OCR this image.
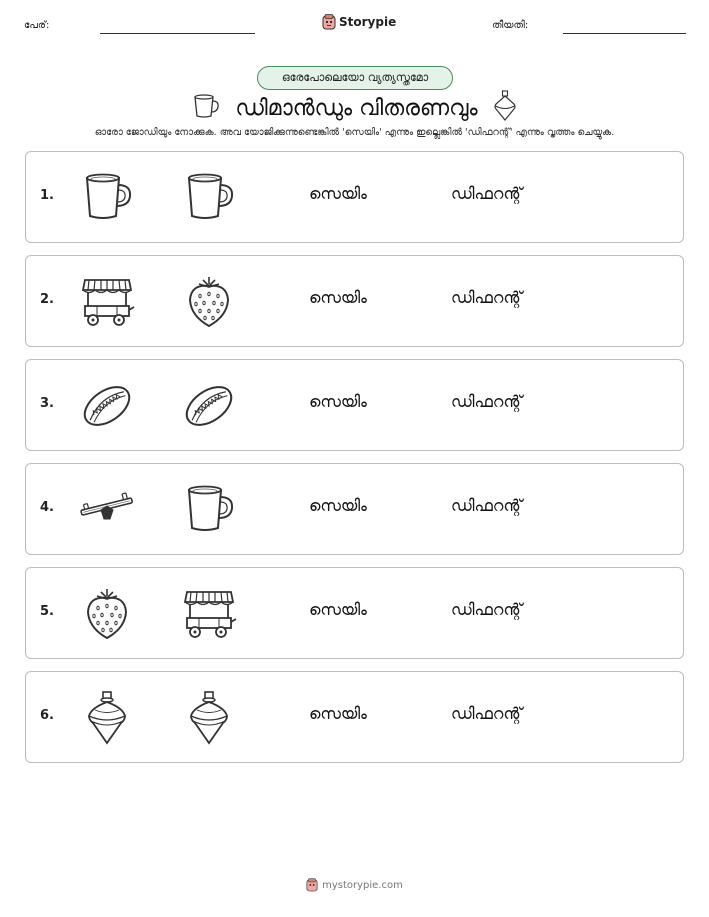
പേര്:	Storypie	തീയതി:
ഒരേപോലെയോ വ്യത്യസ്തമോ
ഡിമാൻഡും വിതരണവും
ഓരോ ജോഡിയും നോക്കുക. അവ യോജിക്കുന്നുണ്ടെങ്കിൽ 'സെയിം' എന്നും ഇല്ലെങ്കിൽ 'ഡിഫറന്റ്' എന്നും വൃത്തം ചെയ്യുക.
1.	സെയിം	ഡിഫറന്റ്
2.	സെയിം	ഡിഫറന്റ്
3.	സെയിം	ഡിഫറന്റ്
4.	സെയിം	ഡിഫറന്റ്
5.	സെയിം	ഡിഫറന്റ്
6.	സെയിം	ഡിഫറന്റ്
mystorypie.com
